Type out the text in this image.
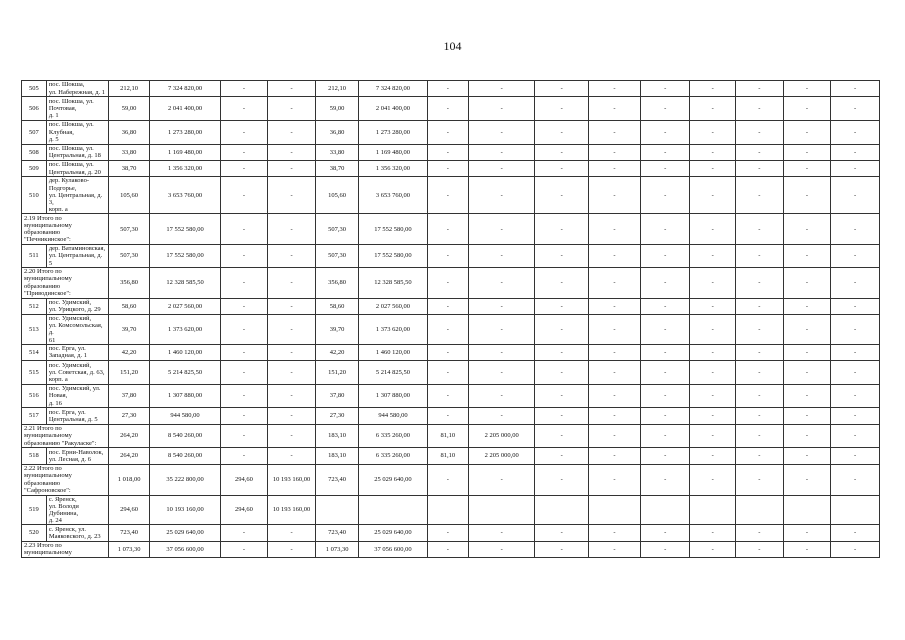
104
505	пос. Шокша,
ул. Набережная, д. 1	212,10	7 324 820,00	-	-	212,10	7 324 820,00	-	-	-	-	-	-	-	-	-
506	пос. Шокша, ул.
Почтовая,
д. 1	59,00	2 041 400,00	-	-	59,00	2 041 400,00	-	-	-	-	-	-	-	-	-
507	пос. Шокша, ул.
Клубная,
д. 5	36,80	1 273 280,00	-	-	36,80	1 273 280,00	-	-	-	-	-	-	-	-	-
508	пос. Шокша, ул.
Центральная, д. 18	33,80	1 169 480,00	-	-	33,80	1 169 480,00	-	-	-	-	-	-	-	-	-
509	пос. Шокша, ул.
Центральная, д. 20	38,70	1 356 320,00	-	-	38,70	1 356 320,00	-	-	-	-	-	-	-	-	-
510	дер. Кулаково-
Подгорье,
ул. Центральная, д. 3,
корп. а	105,60	3 653 760,00	-	-	105,60	3 653 760,00	-	-	-	-	-	-	-	-	-

2.19 Итого по
муниципальному
образованию
"Печникинское":		507,30	17 552 580,00	-	-	507,30	17 552 580,00	-	-	-	-	-	-	-	-	-
511	дер. Ватаминовская,
ул. Центральная, д. 5	507,30	17 552 580,00	-	-	507,30	17 552 580,00	-	-	-	-	-	-	-	-	-

2.20 Итого по
муниципальному
образованию
"Приводинское":		356,80	12 328 585,50	-	-	356,80	12 328 585,50	-	-	-	-	-	-	-	-	-
512	пос. Удимский,
ул. Урицкого, д. 29	58,60	2 027 560,00	-	-	58,60	2 027 560,00	-	-	-	-	-	-	-	-	-
513	пос. Удимский,
ул. Комсомольская, д.
61	39,70	1 373 620,00	-	-	39,70	1 373 620,00	-	-	-	-	-	-	-	-	-
514	пос. Ерга, ул.
Западная, д. 1	42,20	1 460 120,00	-	-	42,20	1 460 120,00	-	-	-	-	-	-	-	-	-
515	пос. Удимский,
ул. Советская, д. 63,
корп. а	151,20	5 214 825,50	-	-	151,20	5 214 825,50	-	-	-	-	-	-	-	-	-
516	пос. Удимский, ул.
Новая,
д. 16	37,80	1 307 880,00	-	-	37,80	1 307 880,00	-	-	-	-	-	-	-	-	-
517	пос. Ерга, ул.
Центральная, д. 5	27,30	944 580,00	-	-	27,30	944 580,00	-	-	-	-	-	-	-	-	-

2.21 Итого по
муниципальному
образованию "Ракуласке":		264,20	8 540 260,00	-	-	183,10	6 335 260,00	81,10	2 205 000,00	-	-	-	-	-	-	-
518	пос. Ерни-Наволок,
ул. Лесная, д. 6	264,20	8 540 260,00	-	-	183,10	6 335 260,00	81,10	2 205 000,00	-	-	-	-	-	-	-

2.22 Итого по
муниципальному
образованию
"Сафроновское":		1 018,00	35 222 800,00	294,60	10 193 160,00	723,40	25 029 640,00	-	-	-	-	-	-	-	-	-
519	с. Яренск,
ул. Володи Дубинина,
д. 24	294,60	10 193 160,00	294,60	10 193 160,00											
520	с. Яренск, ул.
Маяковского, д. 23	723,40	25 029 640,00	-	-	723,40	25 029 640,00	-	-	-	-	-	-	-	-	-

2.23 Итого по
муниципальному		1 073,30	37 056 600,00	-	-	1 073,30	37 056 600,00	-	-	-	-	-	-	-	-	-
